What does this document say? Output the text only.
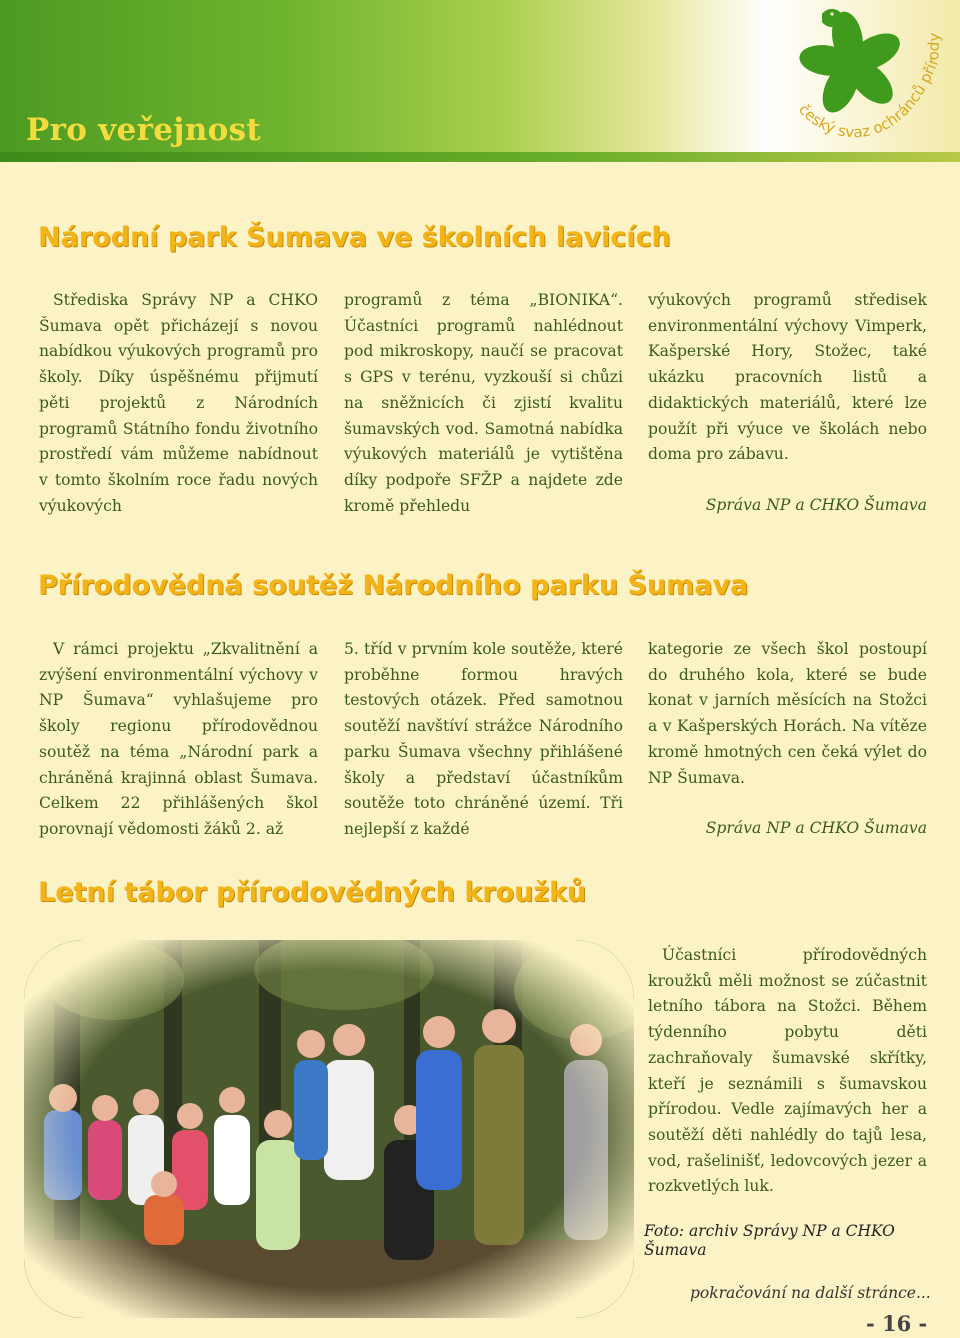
Pro veřejnost
český svaz ochránců přírody
Národní park Šumava ve školních lavicích

Střediska Správy NP a CHKO Šumava opět přicházejí s novou nabídkou výukových programů pro školy. Díky úspěšnému přijmutí pěti projektů z Národních programů Státního fondu životního prostředí vám můžeme nabídnout v tomto školním roce řadu nových výukových

programů z téma „BIONIKA“. Účastníci programů nahlédnout pod mikroskopy, naučí se pracovat s GPS v terénu, vyzkouší si chůzi na sněžnicích či zjistí kvalitu šumavských vod. Samotná nabídka výukových materiálů je vytištěna díky podpoře SFŽP a najdete zde kromě přehledu

výukových programů středisek environmentální výchovy Vimperk, Kašperské Hory, Stožec, také ukázku pracovních listů a didaktických materiálů, které lze použít při výuce ve školách nebo doma pro zábavu.

Správa NP a CHKO Šumava
Přírodovědná soutěž Národního parku Šumava

V rámci projektu „Zkvalitnění a zvýšení environmentální výchovy v NP Šumava“ vyhlašujeme pro školy regionu přírodovědnou soutěž na téma „Národní park a chráněná krajinná oblast Šumava. Celkem 22 přihlášených škol porovnají vědomosti žáků 2. až

5. tříd v prvním kole soutěže, které proběhne formou hravých testových otázek. Před samotnou soutěží navštíví strážce Národního parku Šumava všechny přihlášené školy a představí účastníkům soutěže toto chráněné území. Tři nejlepší z každé

kategorie ze všech škol postoupí do druhého kola, které se bude konat v jarních měsících na Stožci a v Kašperských Horách. Na vítěze kromě hmotných cen čeká výlet do NP Šumava.

Správa NP a CHKO Šumava
Letní tábor přírodovědných kroužků

Účastníci přírodovědných kroužků měli možnost se zúčastnit letního tábora na Stožci. Během týdenního pobytu děti zachraňovaly šumavské skřítky, kteří je seznámili s šumavskou přírodou. Vedle zajímavých her a soutěží děti nahlédly do tajů lesa, vod, rašelinišť, ledovcových jezer a rozkvetlých luk.

Foto: archiv Správy NP a CHKO Šumava
pokračování na další stránce...
- 16 -
